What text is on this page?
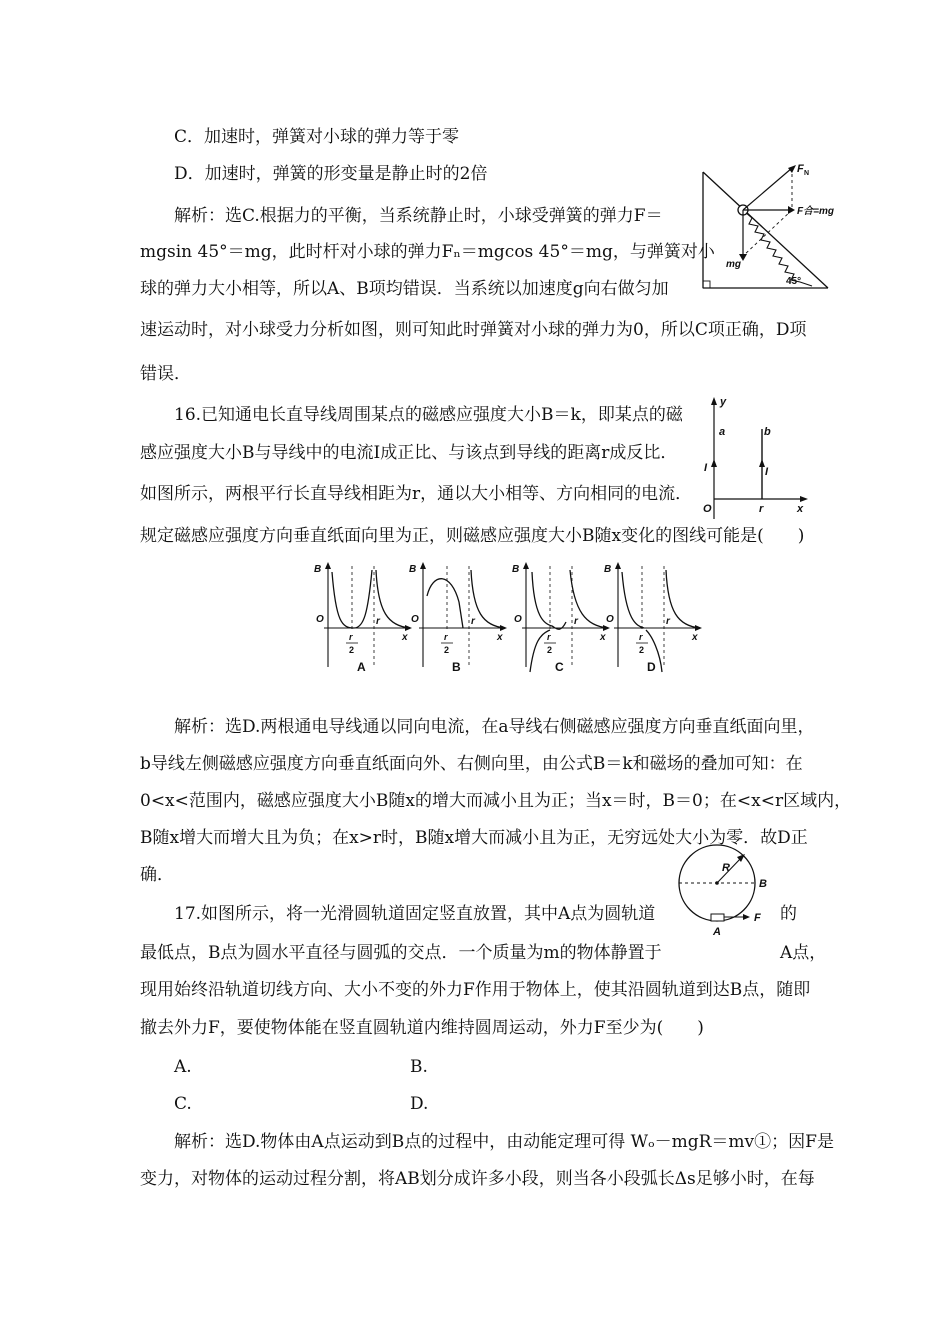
C．加速时，弹簧对小球的弹力等于零
D．加速时，弹簧的形变量是静止时的2倍
解析：选C.根据力的平衡，当系统静止时，小球受弹簧的弹力F＝
mgsin 45°＝mg，此时杆对小球的弹力Fₙ＝mgcos 45°＝mg，与弹簧对小
球的弹力大小相等，所以A、B项均错误．当系统以加速度g向右做匀加
速运动时，对小球受力分析如图，则可知此时弹簧对小球的弹力为0，所以C项正确，D项
错误．
F N
F合=mg
mg
45°
16.已知通电长直导线周围某点的磁感应强度大小B＝k，即某点的磁
感应强度大小B与导线中的电流I成正比、与该点到导线的距离r成反比．
如图所示，两根平行长直导线相距为r，通以大小相等、方向相同的电流．
规定磁感应强度方向垂直纸面向里为正，则磁感应强度大小B随x变化的图线可能是(　　)
y
a	b
I	I
O	r	x
B
O	r
r
2
x
A
B
O	r
r
2
x
B
B
O	r
r
2
x
C
B
O	r
r
2
x
D
解析：选D.两根通电导线通以同向电流，在a导线右侧磁感应强度方向垂直纸面向里，
b导线左侧磁感应强度方向垂直纸面向外、右侧向里，由公式B＝k和磁场的叠加可知：在
0<x<范围内，磁感应强度大小B随x的增大而减小且为正；当x＝时，B＝0；在<x<r区域内，
B随x增大而增大且为负；在x>r时，B随x增大而减小且为正，无穷远处大小为零．故D正
确．
17.如图所示，将一光滑圆轨道固定竖直放置，其中A点为圆轨道	的
最低点，B点为圆水平直径与圆弧的交点．一个质量为m的物体静置于	A点，
现用始终沿轨道切线方向、大小不变的外力F作用于物体上，使其沿圆轨道到达B点，随即
撤去外力F，要使物体能在竖直圆轨道内维持圆周运动，外力F至少为(　　)
A.	B.
C.	D.
解析：选D.物体由A点运动到B点的过程中，由动能定理可得 Wₒ－mgR＝mv①；因F是
变力，对物体的运动过程分割，将AB划分成许多小段，则当各小段弧长Δs足够小时，在每
R
B
A
F
